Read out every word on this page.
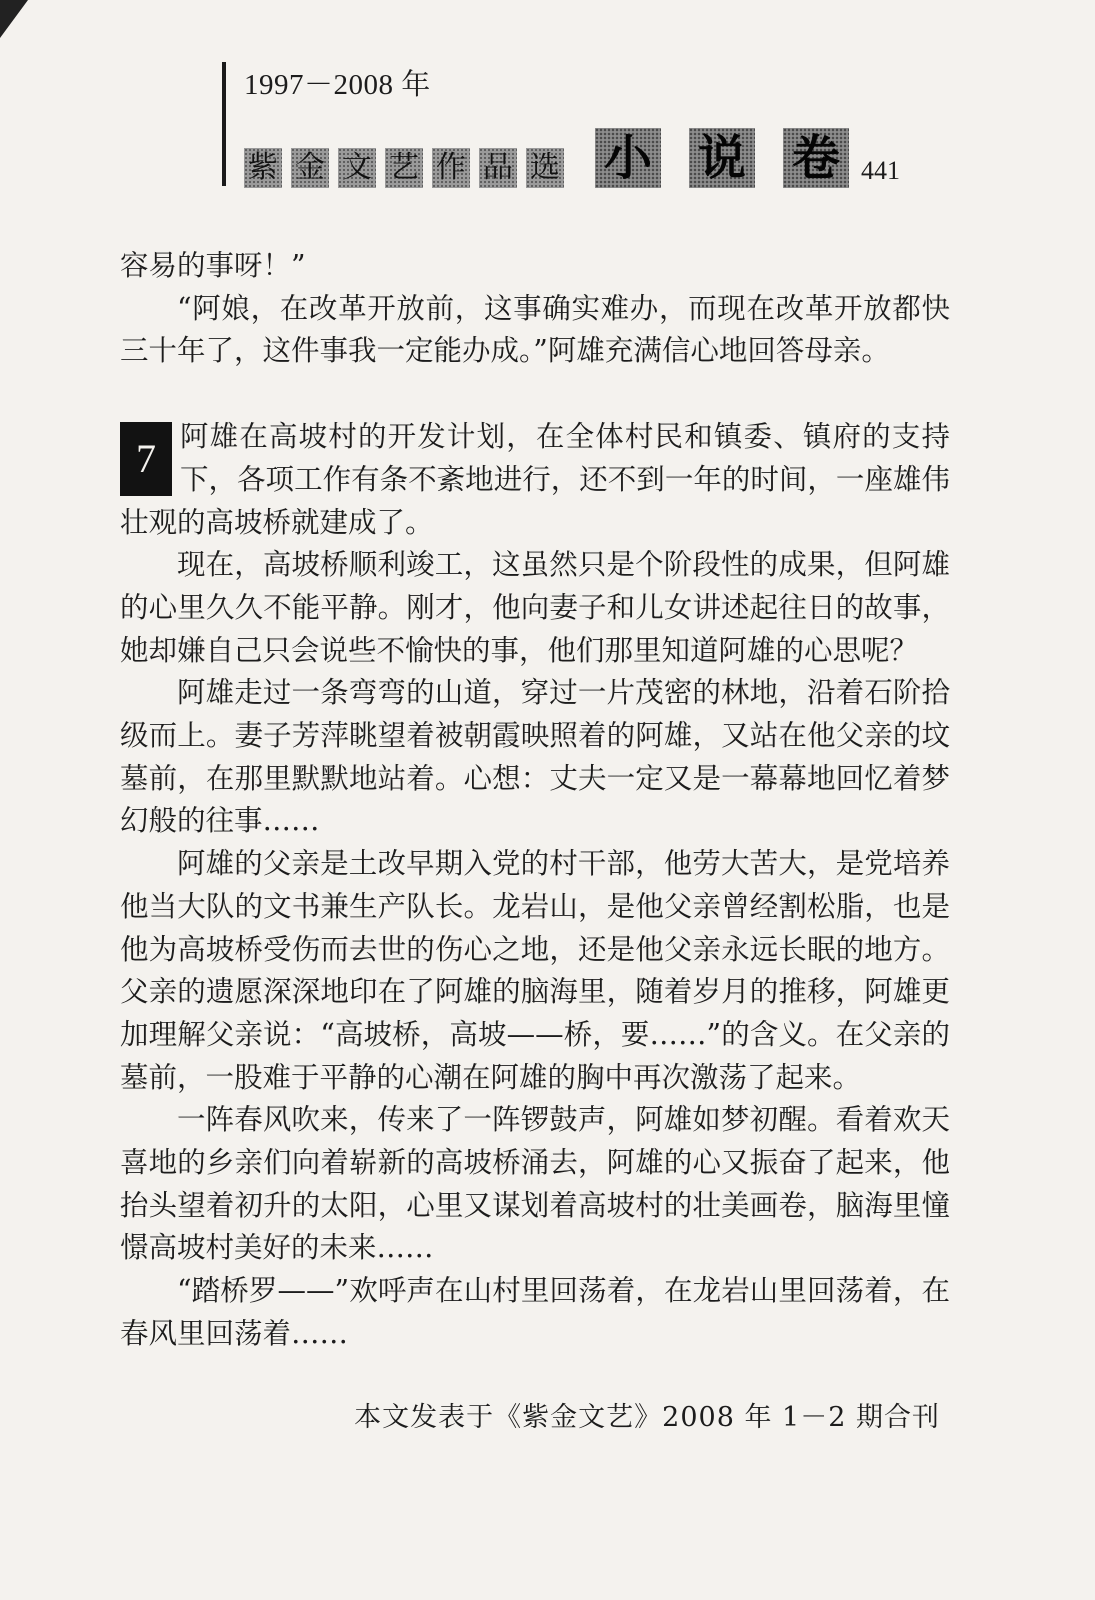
1997－2008 年
紫 金 文 艺 作 品 选 小 说 卷 441

容易的事呀！”

“阿娘，在改革开放前，这事确实难办，而现在改革开放都快三十年了，这件事我一定能办成。”阿雄充满信心地回答母亲。

7 阿雄在高坡村的开发计划，在全体村民和镇委、镇府的支持下，各项工作有条不紊地进行，还不到一年的时间，一座雄伟壮观的高坡桥就建成了。

现在，高坡桥顺利竣工，这虽然只是个阶段性的成果，但阿雄的心里久久不能平静。刚才，他向妻子和儿女讲述起往日的故事，她却嫌自己只会说些不愉快的事，他们那里知道阿雄的心思呢？

阿雄走过一条弯弯的山道，穿过一片茂密的林地，沿着石阶拾级而上。妻子芳萍眺望着被朝霞映照着的阿雄，又站在他父亲的坟墓前，在那里默默地站着。心想：丈夫一定又是一幕幕地回忆着梦幻般的往事……

阿雄的父亲是土改早期入党的村干部，他劳大苦大，是党培养他当大队的文书兼生产队长。龙岩山，是他父亲曾经割松脂，也是他为高坡桥受伤而去世的伤心之地，还是他父亲永远长眠的地方。父亲的遗愿深深地印在了阿雄的脑海里，随着岁月的推移，阿雄更加理解父亲说：“高坡桥，高坡——桥，要……”的含义。在父亲的墓前，一股难于平静的心潮在阿雄的胸中再次激荡了起来。

一阵春风吹来，传来了一阵锣鼓声，阿雄如梦初醒。看着欢天喜地的乡亲们向着崭新的高坡桥涌去，阿雄的心又振奋了起来，他抬头望着初升的太阳，心里又谋划着高坡村的壮美画卷，脑海里憧憬高坡村美好的未来……

“踏桥罗——”欢呼声在山村里回荡着，在龙岩山里回荡着，在春风里回荡着……

本文发表于《紫金文艺》2008 年 1－2 期合刊
